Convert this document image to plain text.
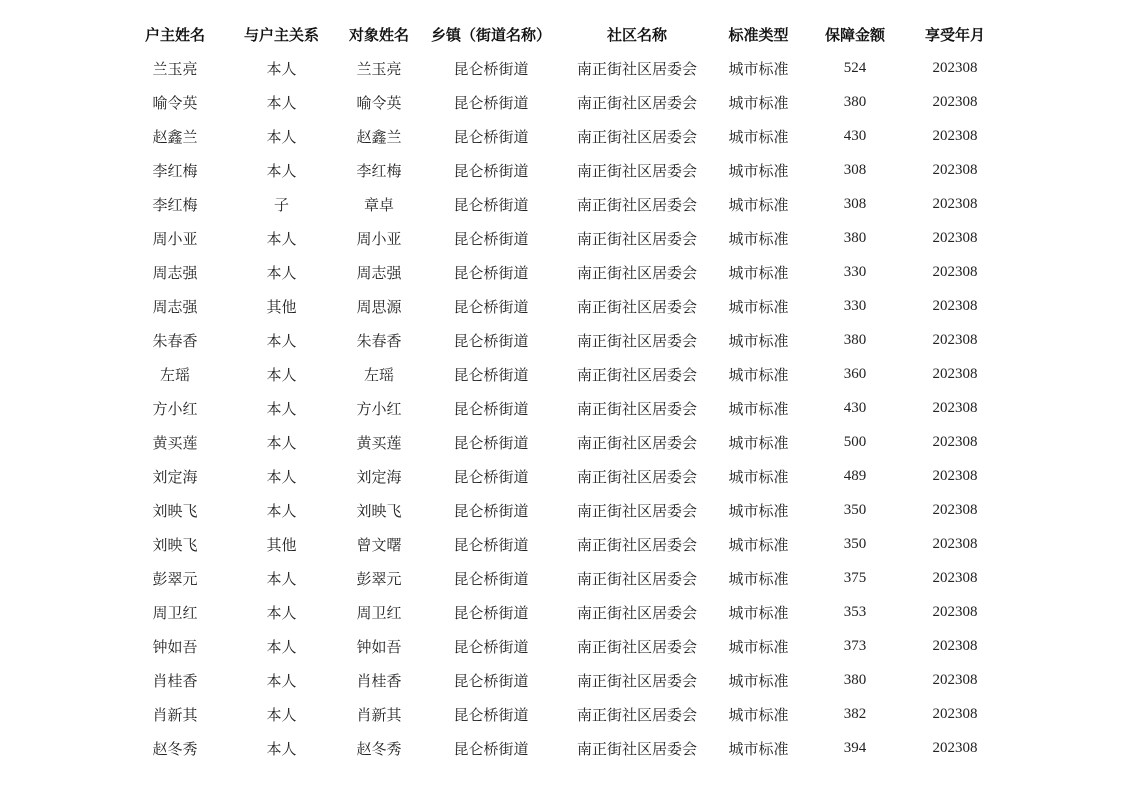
户主姓名	与户主关系	对象姓名	乡镇（街道名称）	社区名称	标准类型	保障金额	享受年月
兰玉亮	本人	兰玉亮	昆仑桥街道	南正街社区居委会	城市标准	524	202308
喻令英	本人	喻令英	昆仑桥街道	南正街社区居委会	城市标准	380	202308
赵鑫兰	本人	赵鑫兰	昆仑桥街道	南正街社区居委会	城市标准	430	202308
李红梅	本人	李红梅	昆仑桥街道	南正街社区居委会	城市标准	308	202308
李红梅	子	章卓	昆仑桥街道	南正街社区居委会	城市标准	308	202308
周小亚	本人	周小亚	昆仑桥街道	南正街社区居委会	城市标准	380	202308
周志强	本人	周志强	昆仑桥街道	南正街社区居委会	城市标准	330	202308
周志强	其他	周思源	昆仑桥街道	南正街社区居委会	城市标准	330	202308
朱春香	本人	朱春香	昆仑桥街道	南正街社区居委会	城市标准	380	202308
左瑶	本人	左瑶	昆仑桥街道	南正街社区居委会	城市标准	360	202308
方小红	本人	方小红	昆仑桥街道	南正街社区居委会	城市标准	430	202308
黄买莲	本人	黄买莲	昆仑桥街道	南正街社区居委会	城市标准	500	202308
刘定海	本人	刘定海	昆仑桥街道	南正街社区居委会	城市标准	489	202308
刘映飞	本人	刘映飞	昆仑桥街道	南正街社区居委会	城市标准	350	202308
刘映飞	其他	曾文曙	昆仑桥街道	南正街社区居委会	城市标准	350	202308
彭翠元	本人	彭翠元	昆仑桥街道	南正街社区居委会	城市标准	375	202308
周卫红	本人	周卫红	昆仑桥街道	南正街社区居委会	城市标准	353	202308
钟如吾	本人	钟如吾	昆仑桥街道	南正街社区居委会	城市标准	373	202308
肖桂香	本人	肖桂香	昆仑桥街道	南正街社区居委会	城市标准	380	202308
肖新其	本人	肖新其	昆仑桥街道	南正街社区居委会	城市标准	382	202308
赵冬秀	本人	赵冬秀	昆仑桥街道	南正街社区居委会	城市标准	394	202308
